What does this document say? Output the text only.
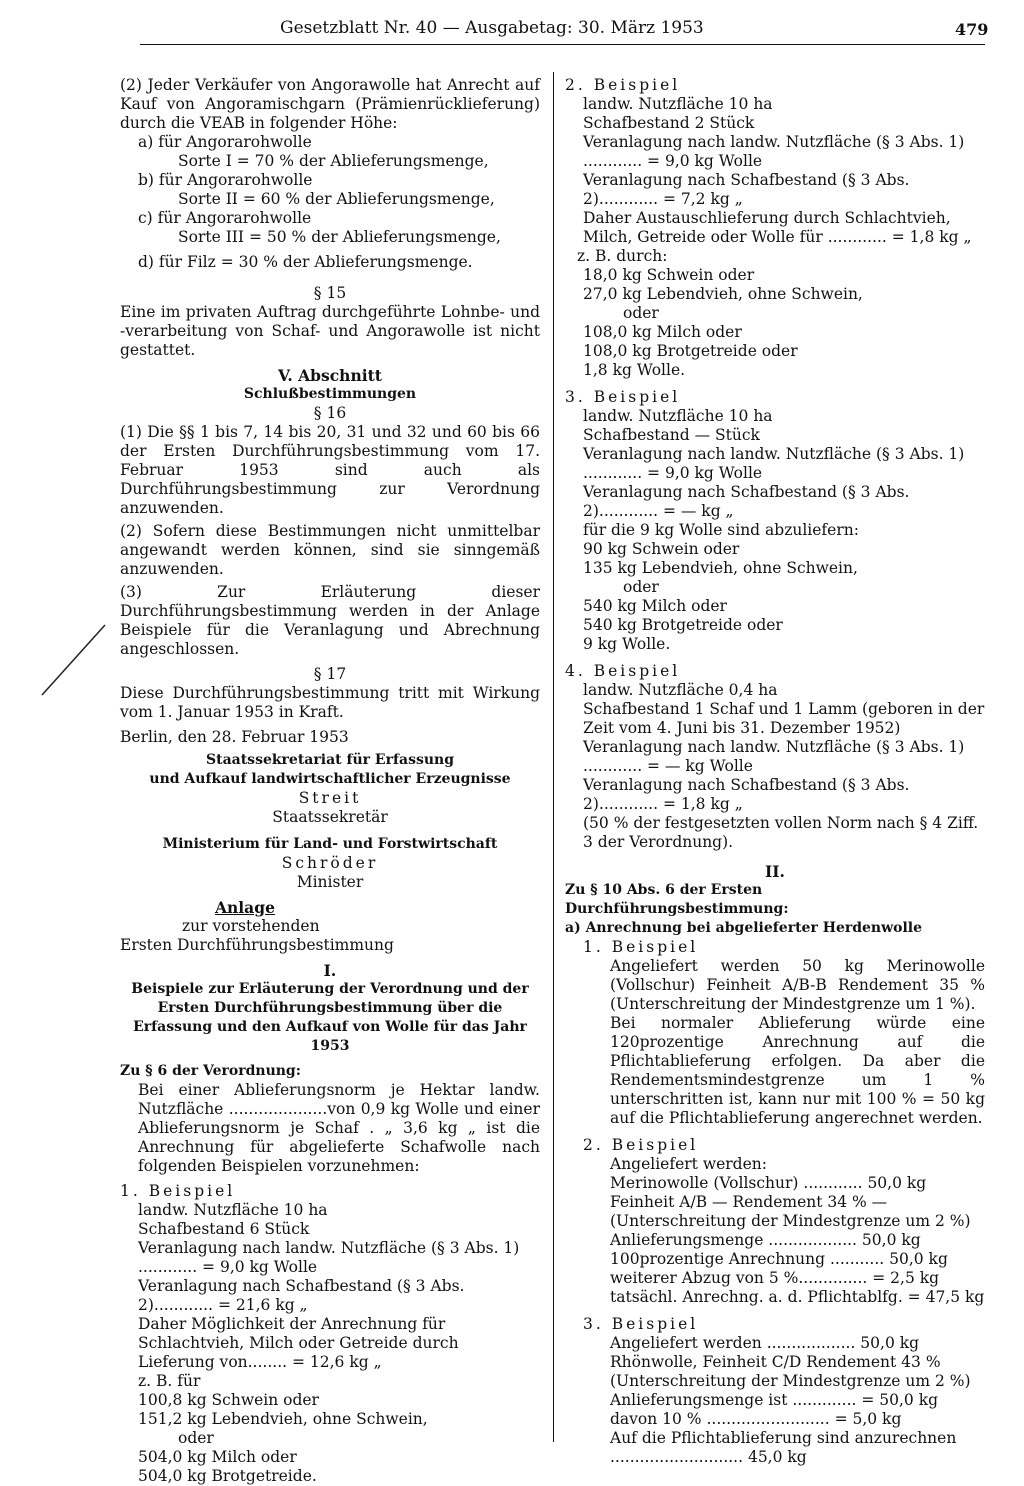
Gesetzblatt Nr. 40 — Ausgabetag: 30. März 1953	479

(2) Jeder Verkäufer von Angorawolle hat Anrecht auf Kauf von Angoramischgarn (Prämienrücklieferung) durch die VEAB in folgender Höhe:

a) für Angorarohwolle

Sorte I = 70 % der Ablieferungsmenge,

b) für Angorarohwolle

Sorte II = 60 % der Ablieferungsmenge,

c) für Angorarohwolle

Sorte III = 50 % der Ablieferungsmenge,

d) für Filz = 30 % der Ablieferungsmenge.

§ 15

Eine im privaten Auftrag durchgeführte Lohnbe- und -verarbeitung von Schaf- und Angorawolle ist nicht gestattet.

V. Abschnitt

Schlußbestimmungen

§ 16

(1) Die §§ 1 bis 7, 14 bis 20, 31 und 32 und 60 bis 66 der Ersten Durchführungsbestimmung vom 17. Februar 1953 sind auch als Durchführungsbestimmung zur Verordnung anzuwenden.

(2) Sofern diese Bestimmungen nicht unmittelbar angewandt werden können, sind sie sinngemäß anzuwenden.

(3) Zur Erläuterung dieser Durchführungsbestimmung werden in der Anlage Beispiele für die Veranlagung und Abrechnung angeschlossen.

§ 17

Diese Durchführungsbestimmung tritt mit Wirkung vom 1. Januar 1953 in Kraft.

Berlin, den 28. Februar 1953

Staatssekretariat für Erfassung

und Aufkauf landwirtschaftlicher Erzeugnisse

Streit

Staatssekretär

Ministerium für Land- und Forstwirtschaft

Schröder

Minister

Anlage

zur vorstehenden

Ersten Durchführungsbestimmung

I.

Beispiele zur Erläuterung der Verordnung und der Ersten Durchführungsbestimmung über die Erfassung und den Aufkauf von Wolle für das Jahr 1953

Zu § 6 der Verordnung:

Bei einer Ablieferungsnorm je Hektar landw. Nutzfläche ....................von 0,9 kg Wolle und einer Ablieferungsnorm je Schaf . „ 3,6 kg „ ist die Anrechnung für abgelieferte Schafwolle nach folgenden Beispielen vorzunehmen:

1. Beispiel

landw. Nutzfläche 10 ha

Schafbestand 6 Stück

Veranlagung nach landw. Nutzfläche (§ 3 Abs. 1) ............ = 9,0 kg Wolle

Veranlagung nach Schafbestand (§ 3 Abs. 2)............ = 21,6 kg „

Daher Möglichkeit der Anrechnung für Schlachtvieh, Milch oder Getreide durch Lieferung von........ = 12,6 kg „

z. B. für

100,8 kg Schwein oder

151,2 kg Lebendvieh, ohne Schwein,

oder

504,0 kg Milch oder

504,0 kg Brotgetreide.

2. Beispiel

landw. Nutzfläche 10 ha

Schafbestand 2 Stück

Veranlagung nach landw. Nutzfläche (§ 3 Abs. 1) ............ = 9,0 kg Wolle

Veranlagung nach Schafbestand (§ 3 Abs. 2)............ = 7,2 kg „

Daher Austauschlieferung durch Schlachtvieh, Milch, Getreide oder Wolle für ............ = 1,8 kg „

z. B. durch:

18,0 kg Schwein oder

27,0 kg Lebendvieh, ohne Schwein,

oder

108,0 kg Milch oder

108,0 kg Brotgetreide oder

1,8 kg Wolle.

3. Beispiel

landw. Nutzfläche 10 ha

Schafbestand — Stück

Veranlagung nach landw. Nutzfläche (§ 3 Abs. 1) ............ = 9,0 kg Wolle

Veranlagung nach Schafbestand (§ 3 Abs. 2)............ = — kg „

für die 9 kg Wolle sind abzuliefern:

90 kg Schwein oder

135 kg Lebendvieh, ohne Schwein,

oder

540 kg Milch oder

540 kg Brotgetreide oder

9 kg Wolle.

4. Beispiel

landw. Nutzfläche 0,4 ha

Schafbestand 1 Schaf und 1 Lamm (geboren in der Zeit vom 4. Juni bis 31. Dezember 1952)

Veranlagung nach landw. Nutzfläche (§ 3 Abs. 1) ............ = — kg Wolle

Veranlagung nach Schafbestand (§ 3 Abs. 2)............ = 1,8 kg „

(50 % der festgesetzten vollen Norm nach § 4 Ziff. 3 der Verordnung).

II.

Zu § 10 Abs. 6 der Ersten Durchführungsbestimmung:

a) Anrechnung bei abgelieferter Herdenwolle

1. Beispiel

Angeliefert werden 50 kg Merinowolle (Vollschur) Feinheit A/B-B Rendement 35 % (Unterschreitung der Mindestgrenze um 1 %).

Bei normaler Ablieferung würde eine 120prozentige Anrechnung auf die Pflichtablieferung erfolgen. Da aber die Rendementsmindestgrenze um 1 % unterschritten ist, kann nur mit 100 % = 50 kg auf die Pflichtablieferung angerechnet werden.

2. Beispiel

Angeliefert werden:

Merinowolle (Vollschur) ............ 50,0 kg

Feinheit A/B — Rendement 34 % — (Unterschreitung der Mindestgrenze um 2 %)

Anlieferungsmenge .................. 50,0 kg

100prozentige Anrechnung ........... 50,0 kg

weiterer Abzug von 5 %.............. = 2,5 kg

tatsächl. Anrechng. a. d. Pflichtablfg. = 47,5 kg

3. Beispiel

Angeliefert werden .................. 50,0 kg

Rhönwolle, Feinheit C/D Rendement 43 % (Unterschreitung der Mindestgrenze um 2 %)

Anlieferungsmenge ist ............. = 50,0 kg

davon 10 % ......................... = 5,0 kg

Auf die Pflichtablieferung sind anzurechnen ........................... 45,0 kg
